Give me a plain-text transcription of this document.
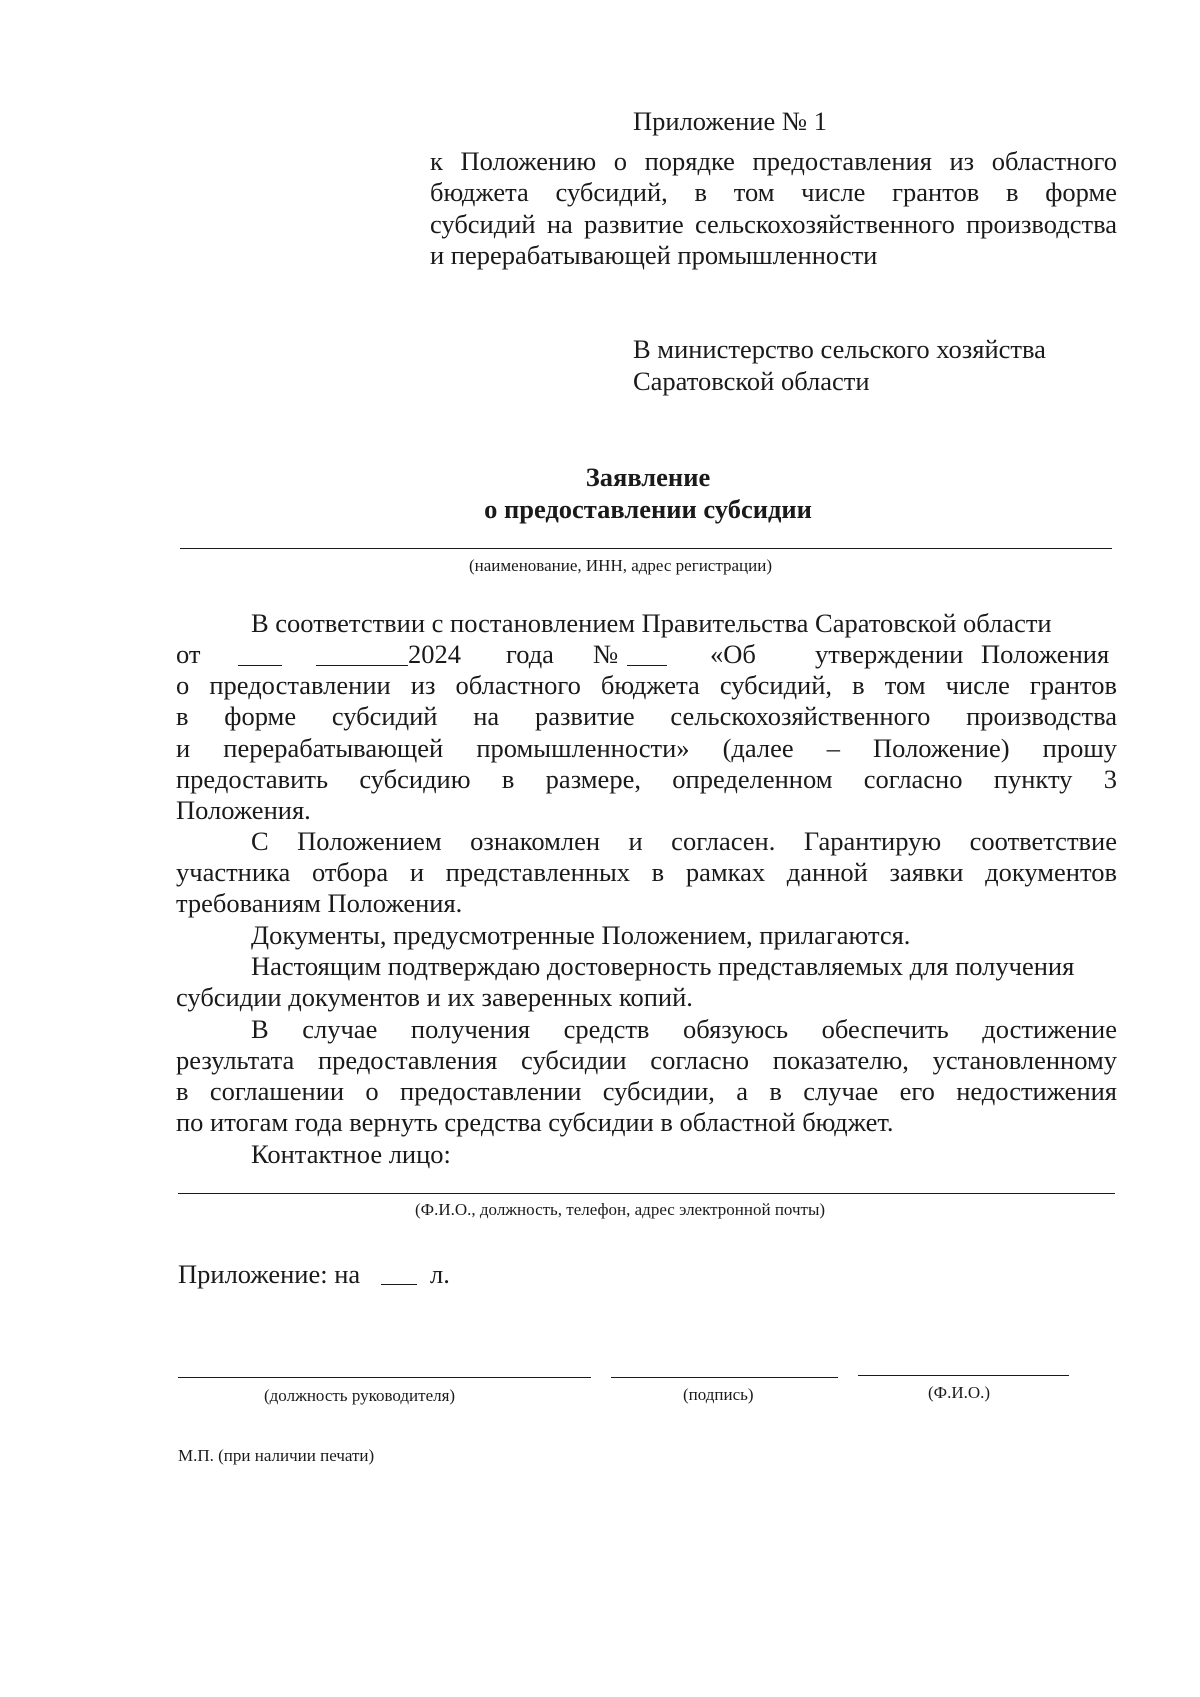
Приложение № 1
к Положению о порядке предоставления из областного
бюджета субсидий, в том числе грантов в форме
субсидий на развитие сельскохозяйственного производства
и перерабатывающей промышленности
В министерство сельского хозяйства
Саратовской области
Заявление
о предоставлении субсидии
(наименование, ИНН, адрес регистрации)
В соответствии с постановлением Правительства Саратовской области
от	2024 года №	«Об утверждении Положения
о предоставлении из областного бюджета субсидий, в том числе грантов
в форме субсидий на развитие сельскохозяйственного производства
и перерабатывающей промышленности» (далее – Положение) прошу
предоставить субсидию в размере, определенном согласно пункту 3
Положения.
С Положением ознакомлен и согласен. Гарантирую соответствие
участника отбора и представленных в рамках данной заявки документов
требованиям Положения.
Документы, предусмотренные Положением, прилагаются.
Настоящим подтверждаю достоверность представляемых для получения
субсидии документов и их заверенных копий.
В случае получения средств обязуюсь обеспечить достижение
результата предоставления субсидии согласно показателю, установленному
в соглашении о предоставлении субсидии, а в случае его недостижения
по итогам года вернуть средства субсидии в областной бюджет.
Контактное лицо:
(Ф.И.О., должность, телефон, адрес электронной почты)
Приложение: на	л.
(должность руководителя)	(подпись)	(Ф.И.О.)
М.П. (при наличии печати)
